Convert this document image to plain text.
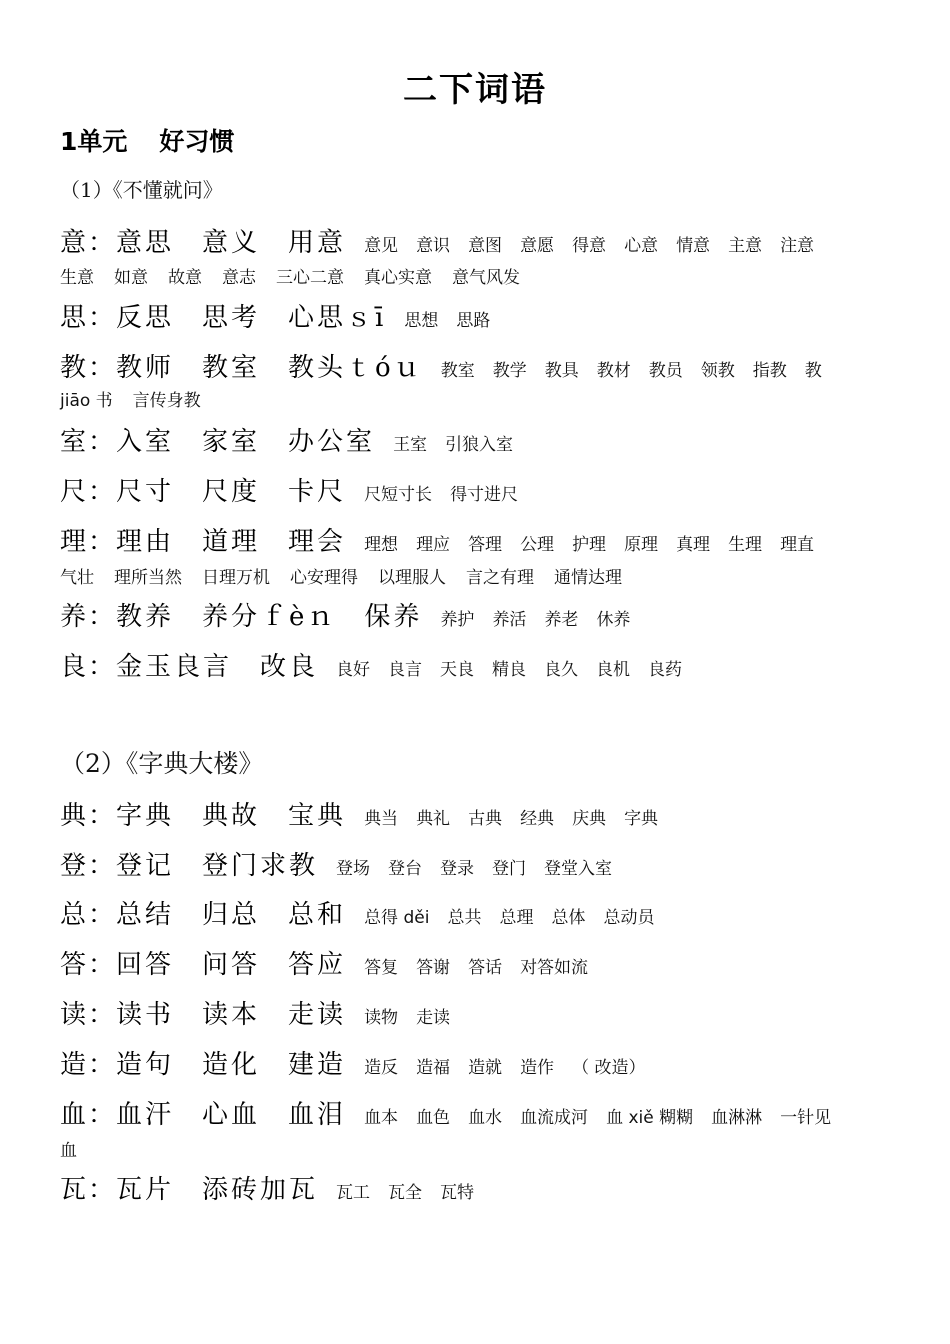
二下词语
1单元 好习惯
（1）《不懂就问》
（2）《字典大楼》
意：意思 意义 用意 意见 意识 意图 意愿 得意 心意 情意 主意 注意
生意 如意 故意 意志 三心二意 真心实意 意气风发
思：反思 思考 心思ｓī 思想 思路
教：教师 教室 教头ｔóｕ 教室 教学 教具 教材 教员 领教 指教 教
jiāo 书 言传身教
室：入室 家室 办公室 王室 引狼入室
尺：尺寸 尺度 卡尺 尺短寸长 得寸进尺
理：理由 道理 理会 理想 理应 答理 公理 护理 原理 真理 生理 理直
气壮 理所当然 日理万机 心安理得 以理服人 言之有理 通情达理
养：教养 养分ｆèｎ 保养 养护 养活 养老 休养
良：金玉良言 改良 良好 良言 天良 精良 良久 良机 良药
典：字典 典故 宝典 典当 典礼 古典 经典 庆典 字典
登：登记 登门求教 登场 登台 登录 登门 登堂入室
总：总结 归总 总和 总得 děi 总共 总理 总体 总动员
答：回答 问答 答应 答复 答谢 答话 对答如流
读：读书 读本 走读 读物 走读
造：造句 造化 建造 造反 造福 造就 造作 （ 改造）
血：血汗 心血 血泪 血本 血色 血水 血流成河 血 xiě 糊糊 血淋淋 一针见
血
瓦：瓦片 添砖加瓦 瓦工 瓦全 瓦特
